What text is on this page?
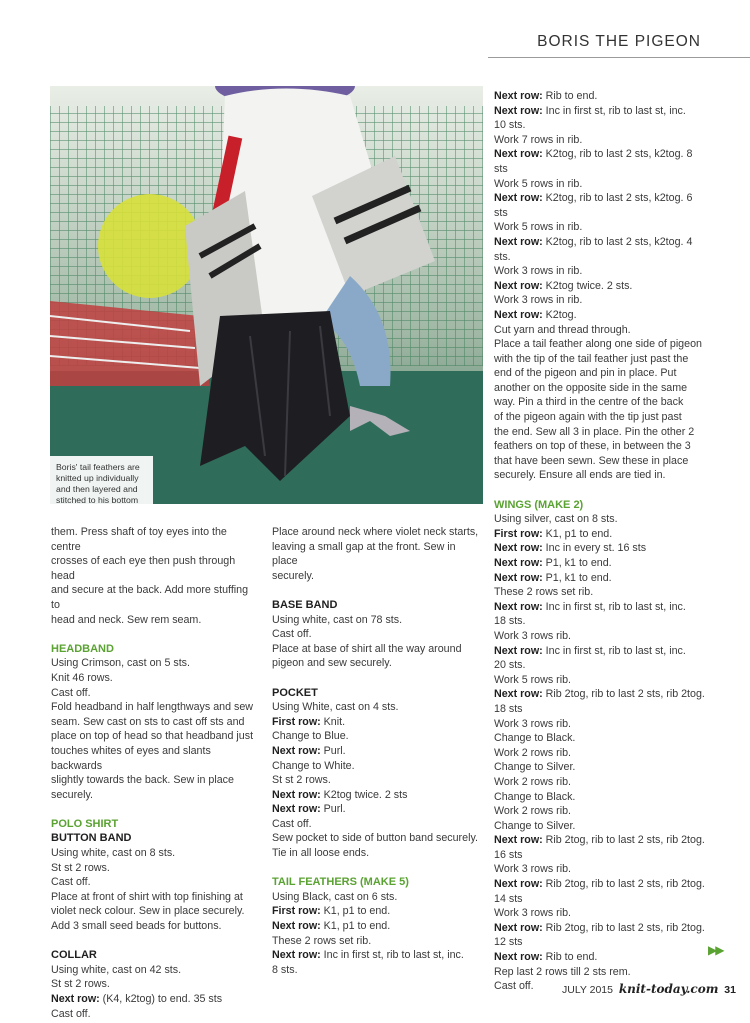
BORIS THE PIGEON
Boris' tail feathers are
knitted up individually
and then layered and
stitched to his bottom

them. Press shaft of toy eyes into the centre

crosses of each eye then push through head

and secure at the back. Add more stuffing to

head and neck. Sew rem seam.

HEADBAND

Using Crimson, cast on 5 sts.

Knit 46 rows.

Cast off.

Fold headband in half lengthways and sew

seam. Sew cast on sts to cast off sts and

place on top of head so that headband just

touches whites of eyes and slants backwards

slightly towards the back. Sew in place

securely.

POLO SHIRT

BUTTON BAND

Using white, cast on 8 sts.

St st 2 rows.

Cast off.

Place at front of shirt with top finishing at

violet neck colour. Sew in place securely.

Add 3 small seed beads for buttons.

COLLAR

Using white, cast on 42 sts.

St st 2 rows.

Next row: (K4, k2tog) to end. 35 sts

Cast off.

Place around neck where violet neck starts,

leaving a small gap at the front. Sew in place

securely.

BASE BAND

Using white, cast on 78 sts.

Cast off.

Place at base of shirt all the way around

pigeon and sew securely.

POCKET

Using White, cast on 4 sts.

First row: Knit.

Change to Blue.

Next row: Purl.

Change to White.

St st 2 rows.

Next row: K2tog twice. 2 sts

Next row: Purl.

Cast off.

Sew pocket to side of button band securely.

Tie in all loose ends.

TAIL FEATHERS (MAKE 5)

Using Black, cast on 6 sts.

First row: K1, p1 to end.

Next row: K1, p1 to end.

These 2 rows set rib.

Next row: Inc in first st, rib to last st, inc.

8 sts.

Next row: Rib to end.

Next row: Inc in first st, rib to last st, inc.

10 sts.

Work 7 rows in rib.

Next row: K2tog, rib to last 2 sts, k2tog. 8 sts

Work 5 rows in rib.

Next row: K2tog, rib to last 2 sts, k2tog. 6 sts

Work 5 rows in rib.

Next row: K2tog, rib to last 2 sts, k2tog. 4

sts.

Work 3 rows in rib.

Next row: K2tog twice. 2 sts.

Work 3 rows in rib.

Next row: K2tog.

Cut yarn and thread through.

Place a tail feather along one side of pigeon

with the tip of the tail feather just past the

end of the pigeon and pin in place. Put

another on the opposite side in the same

way. Pin a third in the centre of the back

of the pigeon again with the tip just past

the end. Sew all 3 in place. Pin the other 2

feathers on top of these, in between the 3

that have been sewn. Sew these in place

securely. Ensure all ends are tied in.

WINGS (MAKE 2)

Using silver, cast on 8 sts.

First row: K1, p1 to end.

Next row: Inc in every st. 16 sts

Next row: P1, k1 to end.

Next row: P1, k1 to end.

These 2 rows set rib.

Next row: Inc in first st, rib to last st, inc.

18 sts.

Work 3 rows rib.

Next row: Inc in first st, rib to last st, inc.

20 sts.

Work 5 rows rib.

Next row: Rib 2tog, rib to last 2 sts, rib 2tog.

18 sts

Work 3 rows rib.

Change to Black.

Work 2 rows rib.

Change to Silver.

Work 2 rows rib.

Change to Black.

Work 2 rows rib.

Change to Silver.

Next row: Rib 2tog, rib to last 2 sts, rib 2tog.

16 sts

Work 3 rows rib.

Next row: Rib 2tog, rib to last 2 sts, rib 2tog.

14 sts

Work 3 rows rib.

Next row: Rib 2tog, rib to last 2 sts, rib 2tog.

12 sts

Next row: Rib to end.

Rep last 2 rows till 2 sts rem.

Cast off.

▶▶
JULY 2015 knit-today.com 31
